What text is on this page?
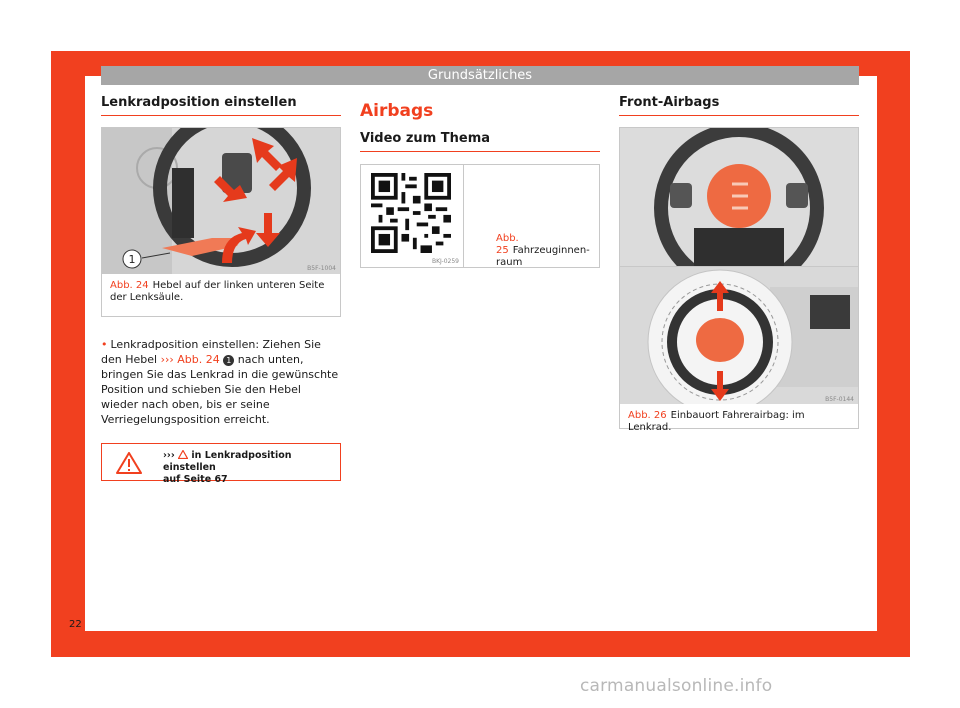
Grundsätzliches
Lenkradposition einstellen
1
B5F-1004
Abb. 24 Hebel auf der linken unteren Seite der Lenksäule.
• Lenkradposition einstellen: Ziehen Sie den Hebel ››› Abb. 24 1 nach unten, bringen Sie das Lenkrad in die gewünschte Position und schieben Sie den Hebel wieder nach oben, bis er seine Verriegelungsposition erreicht.
›››  in Lenkradposition einstellen
auf Seite 67
Airbags
Video zum Thema
BKJ-0259
Abb. 25 Fahrzeuginnen- raum
Front-Airbags
B5F-0144
Abb. 26 Einbauort Fahrerairbag: im Lenkrad.
22
carmanualsonline.info
